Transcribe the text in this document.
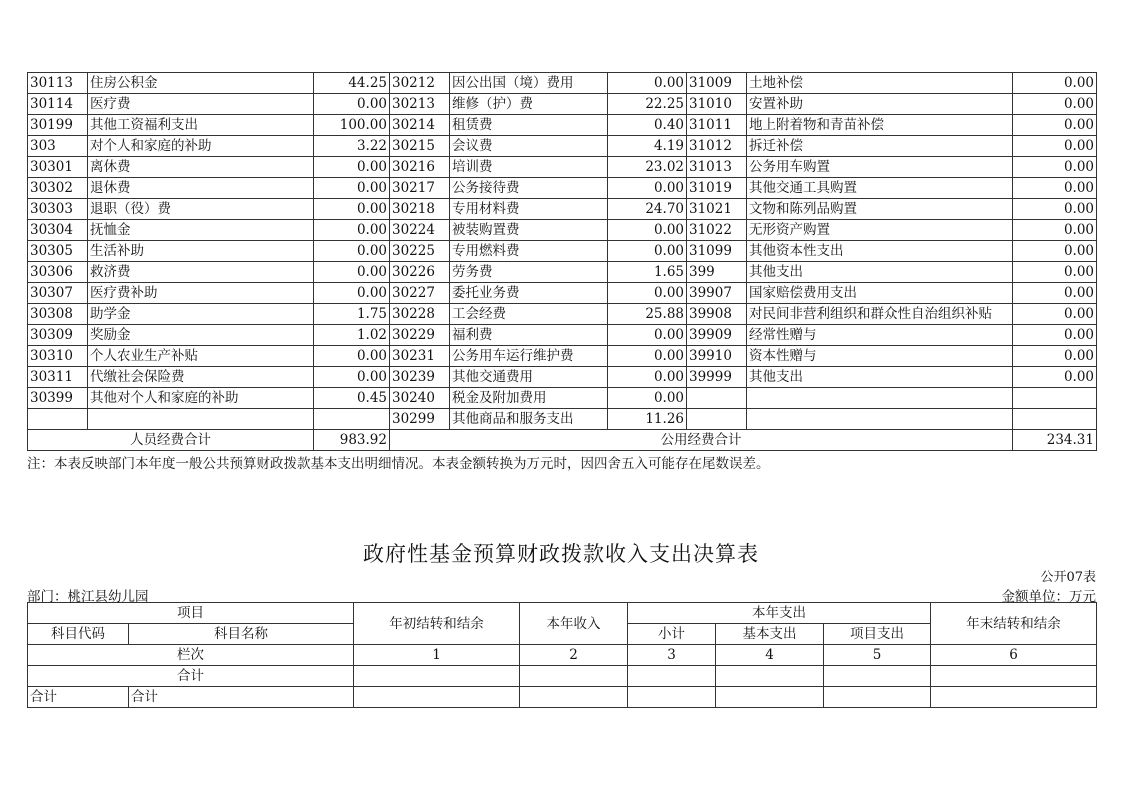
30113	住房公积金	44.25	30212	因公出国（境）费用	0.00	31009	土地补偿	0.00
30114	医疗费	0.00	30213	维修（护）费	22.25	31010	安置补助	0.00
30199	其他工资福利支出	100.00	30214	租赁费	0.40	31011	地上附着物和青苗补偿	0.00
303	对个人和家庭的补助	3.22	30215	会议费	4.19	31012	拆迁补偿	0.00
30301	离休费	0.00	30216	培训费	23.02	31013	公务用车购置	0.00
30302	退休费	0.00	30217	公务接待费	0.00	31019	其他交通工具购置	0.00
30303	退职（役）费	0.00	30218	专用材料费	24.70	31021	文物和陈列品购置	0.00
30304	抚恤金	0.00	30224	被装购置费	0.00	31022	无形资产购置	0.00
30305	生活补助	0.00	30225	专用燃料费	0.00	31099	其他资本性支出	0.00
30306	救济费	0.00	30226	劳务费	1.65	399	其他支出	0.00
30307	医疗费补助	0.00	30227	委托业务费	0.00	39907	国家赔偿费用支出	0.00
30308	助学金	1.75	30228	工会经费	25.88	39908	对民间非营利组织和群众性自治组织补贴	0.00
30309	奖励金	1.02	30229	福利费	0.00	39909	经常性赠与	0.00
30310	个人农业生产补贴	0.00	30231	公务用车运行维护费	0.00	39910	资本性赠与	0.00
30311	代缴社会保险费	0.00	30239	其他交通费用	0.00	39999	其他支出	0.00
30399	其他对个人和家庭的补助	0.45	30240	税金及附加费用	0.00			
			30299	其他商品和服务支出	11.26			
人员经费合计		983.92	公用经费合计					234.31
注：本表反映部门本年度一般公共预算财政拨款基本支出明细情况。本表金额转换为万元时，因四舍五入可能存在尾数误差。
政府性基金预算财政拨款收入支出决算表
公开07表
部门：桃江县幼儿园	金额单位：万元
项目		年初结转和结余	本年收入	本年支出			年末结转和结余
科目代码	科目名称			小计	基本支出	项目支出	
栏次		1	2	3	4	5	6
合计							
合计	合计						
